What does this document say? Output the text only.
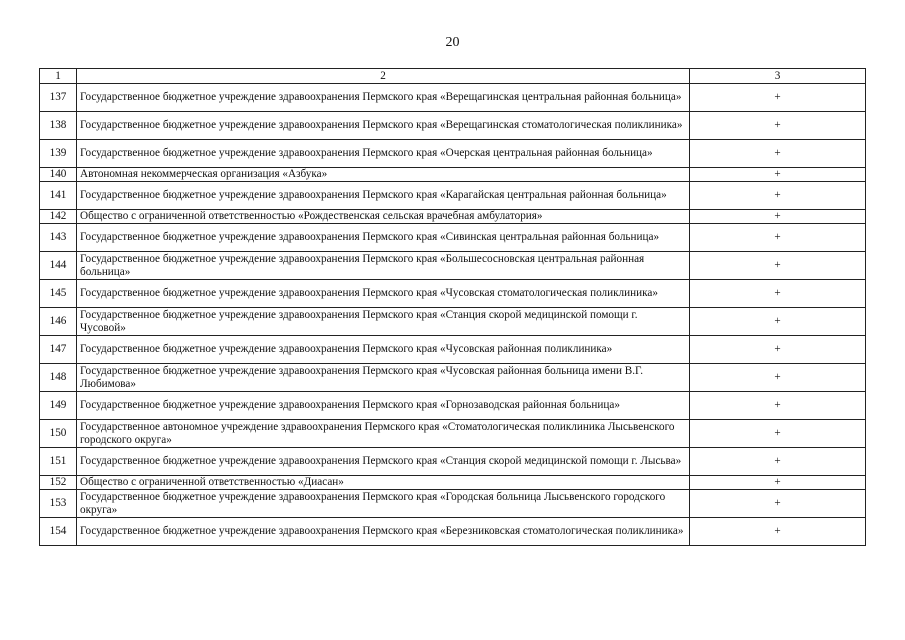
20
1	2	3
137	Государственное бюджетное учреждение здравоохранения Пермского края «Верещагинская центральная районная больница»	+
138	Государственное бюджетное учреждение здравоохранения Пермского края «Верещагинская стоматологическая поликлиника»	+
139	Государственное бюджетное учреждение здравоохранения Пермского края «Очерская центральная районная больница»	+
140	Автономная некоммерческая организация «Азбука»	+
141	Государственное бюджетное учреждение здравоохранения Пермского края «Карагайская центральная районная больница»	+
142	Общество с ограниченной ответственностью «Рождественская сельская врачебная амбулатория»	+
143	Государственное бюджетное учреждение здравоохранения Пермского края «Сивинская центральная районная больница»	+
144	Государственное бюджетное учреждение здравоохранения Пермского края «Большесосновская центральная районная больница»	+
145	Государственное бюджетное учреждение здравоохранения Пермского края «Чусовская стоматологическая поликлиника»	+
146	Государственное бюджетное учреждение здравоохранения Пермского края «Станция скорой медицинской помощи г. Чусовой»	+
147	Государственное бюджетное учреждение здравоохранения Пермского края «Чусовская районная поликлиника»	+
148	Государственное бюджетное учреждение здравоохранения Пермского края «Чусовская районная больница имени В.Г. Любимова»	+
149	Государственное бюджетное учреждение здравоохранения Пермского края «Горнозаводская районная больница»	+
150	Государственное автономное учреждение здравоохранения Пермского края «Стоматологическая поликлиника Лысьвенского городского округа»	+
151	Государственное бюджетное учреждение здравоохранения Пермского края «Станция скорой медицинской помощи г. Лысьва»	+
152	Общество с ограниченной ответственностью «Диасан»	+
153	Государственное бюджетное учреждение здравоохранения Пермского края «Городская больница Лысьвенского городского округа»	+
154	Государственное бюджетное учреждение здравоохранения Пермского края «Березниковская стоматологическая поликлиника»	+
